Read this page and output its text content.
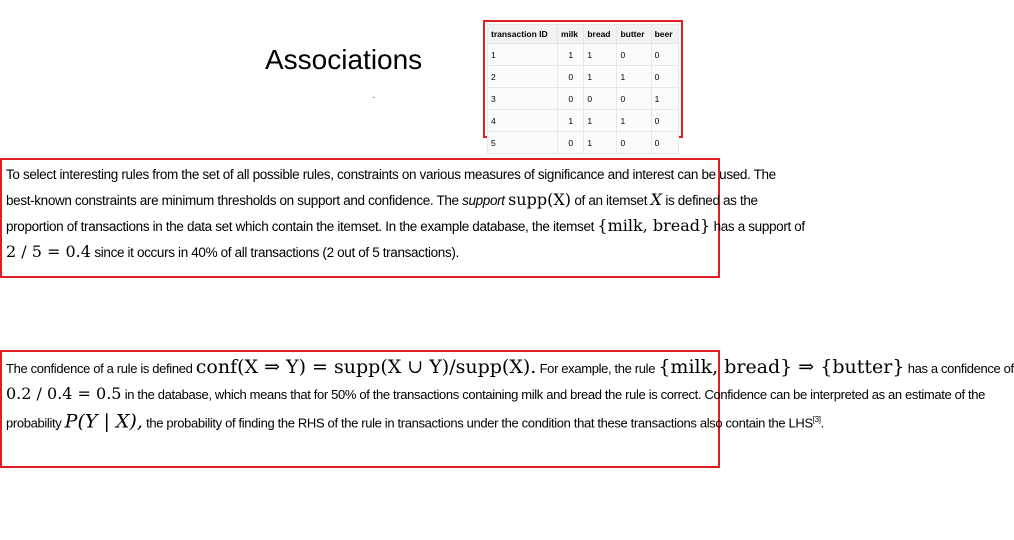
Associations
·
transaction ID	milk	bread	butter	beer
1	1	1	0	0
2	0	1	1	0
3	0	0	0	1
4	1	1	1	0
5	0	1	0	0
To select interesting rules from the set of all possible rules, constraints on various measures of significance and interest can be used. The
best-known constraints are minimum thresholds on support and confidence. The support supp(X) of an itemset X is defined as the
proportion of transactions in the data set which contain the itemset. In the example database, the itemset {milk, bread} has a support of
2 / 5 = 0.4 since it occurs in 40% of all transactions (2 out of 5 transactions).
The confidence of a rule is defined conf(X ⇒ Y) = supp(X ∪ Y)/supp(X). For example, the rule {milk, bread} ⇒ {butter} has a confidence of
0.2 / 0.4 = 0.5 in the database, which means that for 50% of the transactions containing milk and bread the rule is correct. Confidence can be interpreted as an estimate of the
probability P(Y | X), the probability of finding the RHS of the rule in transactions under the condition that these transactions also contain the LHS[3].
